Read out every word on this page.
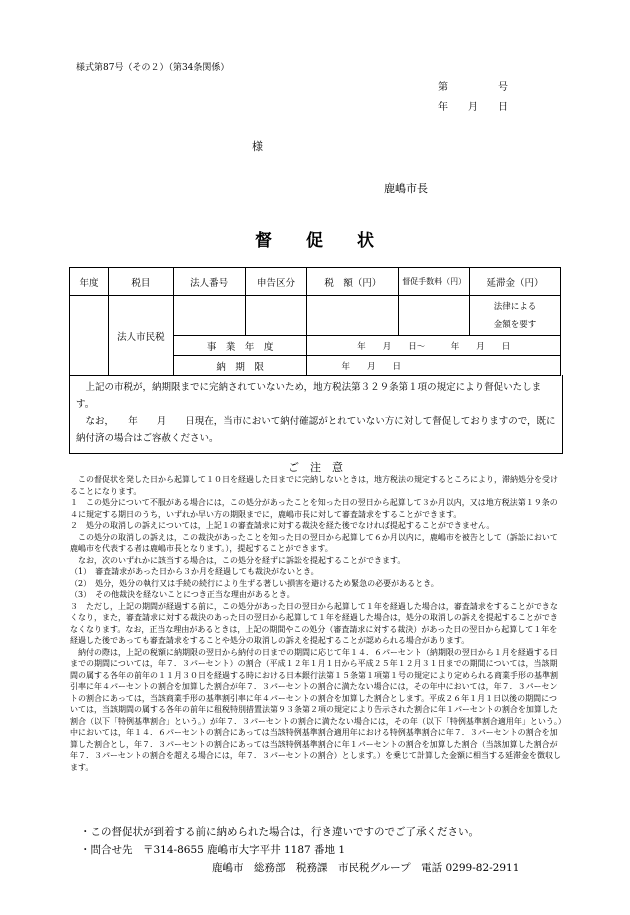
様式第87号（その２）（第34条関係）
第　　　　　号
年　　月　　日
様
鹿嶋市長
督　　促　　状
年度	税目	法人番号	申告区分	税　額（円）	督促手数料（円）	延滞金（円）
	法人市民税					法律による
金額を要す

		事　業　年　度		年　　月　　日～　　　年　　月　　日		
		納　期　限		年　　月　　日		

　上記の市税が，納期限までに完納されていないため，地方税法第３２９条第１項の規定により督促いたします。

　なお，　　年　　月　　日現在，当市において納付確認がとれていない方に対して督促しておりますので，既に納付済の場合はご容赦ください。

ご　注　意

　この督促状を発した日から起算して１０日を経過した日までに完納しないときは，地方税法の規定するところにより，滞納処分を受けることになります。

１　この処分について不服がある場合には，この処分があったことを知った日の翌日から起算して３か月以内，又は地方税法第１９条の４に規定する期日のうち，いずれか早い方の期限までに，鹿嶋市長に対して審査請求をすることができます。

２　処分の取消しの訴えについては，上記１の審査請求に対する裁決を経た後でなければ提起することができません。

　この処分の取消しの訴えは，この裁決があったことを知った日の翌日から起算して６か月以内に，鹿嶋市を被告として（訴訟において鹿嶋市を代表する者は鹿嶋市長となります。），提起することができます。

　なお，次のいずれかに該当する場合は，この処分を経ずに訴訟を提起することができます。

（1）　審査請求があった日から３か月を経過しても裁決がないとき。

（2）　処分，処分の執行又は手続の続行により生ずる著しい損害を避けるため緊急の必要があるとき。

（3）　その他裁決を経ないことにつき正当な理由があるとき。

３　ただし，上記の期間が経過する前に，この処分があった日の翌日から起算して１年を経過した場合は，審査請求をすることができなくなり，また，審査請求に対する裁決のあった日の翌日から起算して１年を経過した場合は，処分の取消しの訴えを提起することができなくなります。なお，正当な理由があるときは，上記の期間やこの処分（審査請求に対する裁決）があった日の翌日から起算して１年を経過した後であっても審査請求をすることや処分の取消しの訴えを提起することが認められる場合があります。

　納付の際は，上記の税額に納期限の翌日から納付の日までの期間に応じて年１４．６パーセント（納期限の翌日から１月を経過する日までの期間については，年７．３パーセント）の割合（平成１２年１月１日から平成２５年１２月３１日までの期間については，当該期間の属する各年の前年の１１月３０日を経過する時における日本銀行法第１５条第１項第１号の規定により定められる商業手形の基準割引率に年４パーセントの割合を加算した割合が年７．３パーセントの割合に満たない場合には，その年中においては，年７．３パーセントの割合にあっては，当該商業手形の基準割引率に年４パーセントの割合を加算した割合とします。平成２６年１月１日以後の期間については，当該期間の属する各年の前年に租税特別措置法第９３条第２項の規定により告示された割合に年１パーセントの割合を加算した割合（以下「特例基準割合」という。）が年７．３パーセントの割合に満たない場合には，その年（以下「特例基準割合適用年」という。）中においては，年１４．６パーセントの割合にあっては当該特例基準割合適用年における特例基準割合に年７．３パーセントの割合を加算した割合とし，年７．３パーセントの割合にあっては当該特例基準割合に年１パーセントの割合を加算した割合（当該加算した割合が年７．３パーセントの割合を超える場合には，年７．３パーセントの割合）とします。）を乗じて計算した金額に相当する延滞金を徴収します。

・この督促状が到着する前に納められた場合は，行き違いですのでご了承ください。
・問合せ先　〒314-8655 鹿嶋市大字平井 1187 番地 1
鹿嶋市　総務部　税務課　市民税グループ　電話 0299-82-2911
